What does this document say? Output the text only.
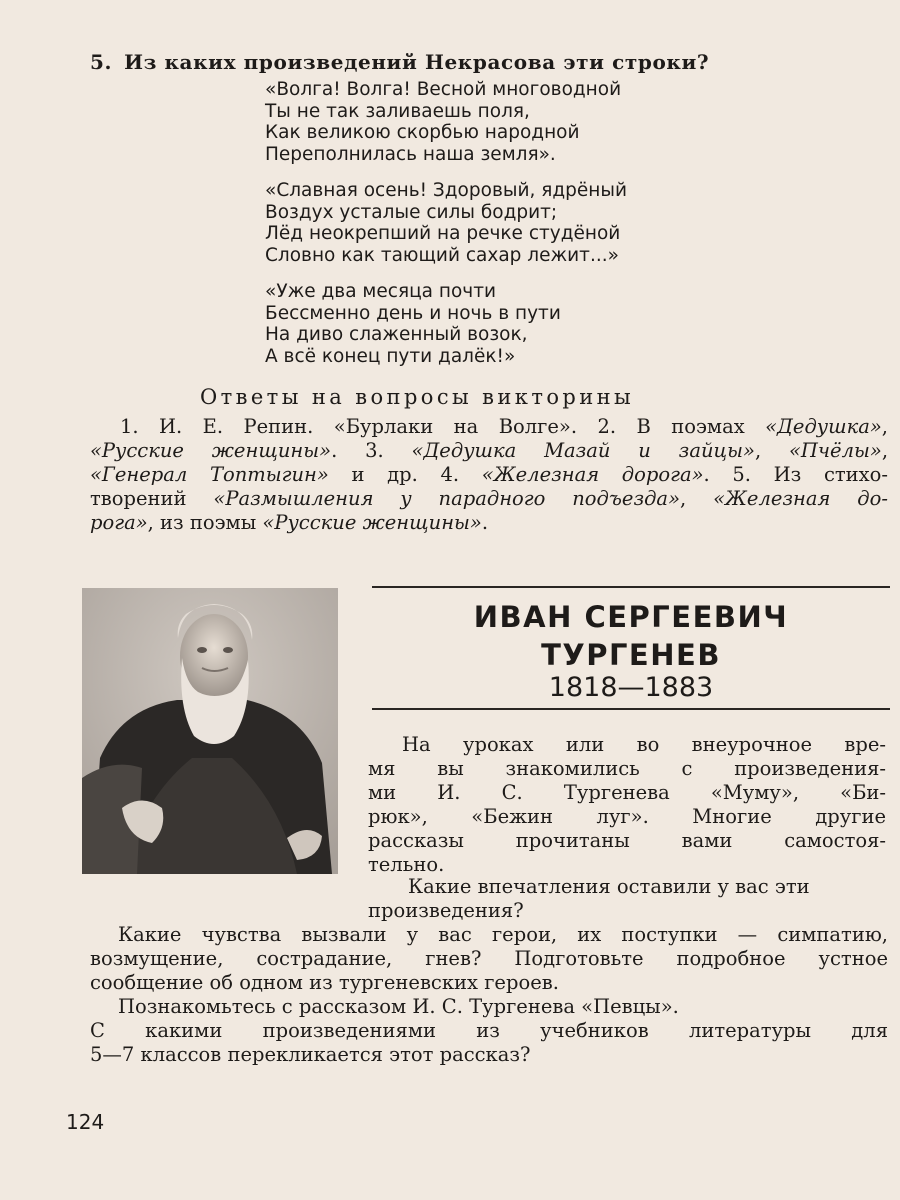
5. Из каких произведений Некрасова эти строки?
«Волга! Волга! Весной многоводной
Ты не так заливаешь поля,
Как великою скорбью народной
Переполнилась наша земля».
«Славная осень! Здоровый, ядрёный
Воздух усталые силы бодрит;
Лёд неокрепший на речке студёной
Словно как тающий сахар лежит...»
«Уже два месяца почти
Бессменно день и ночь в пути
На диво слаженный возок,
А всё конец пути далёк!»
Ответы на вопросы викторины
1. И. Е. Репин. «Бурлаки на Волге». 2. В поэмах «Дедушка»,
«Русские женщины». 3. «Дедушка Мазай и зайцы», «Пчёлы»,
«Генерал Топтыгин» и др. 4. «Железная дорога». 5. Из стихо-
творений «Размышления у парадного подъезда», «Железная до-
рога», из поэмы «Русские женщины».
ИВАН СЕРГЕЕВИЧ
ТУРГЕНЕВ
1818—1883
На уроках или во внеурочное вре-
мя вы знакомились с произведения-
ми И. С. Тургенева «Муму», «Би-
рюк», «Бежин луг». Многие другие
рассказы прочитаны вами самостоя-
тельно.
Какие впечатления оставили у вас эти
произведения?
Какие чувства вызвали у вас герои, их поступки — симпатию,
возмущение, сострадание, гнев? Подготовьте подробное устное
сообщение об одном из тургеневских героев.
Познакомьтесь с рассказом И. С. Тургенева «Певцы».
С какими произведениями из учебников литературы для
5—7 классов перекликается этот рассказ?
124
